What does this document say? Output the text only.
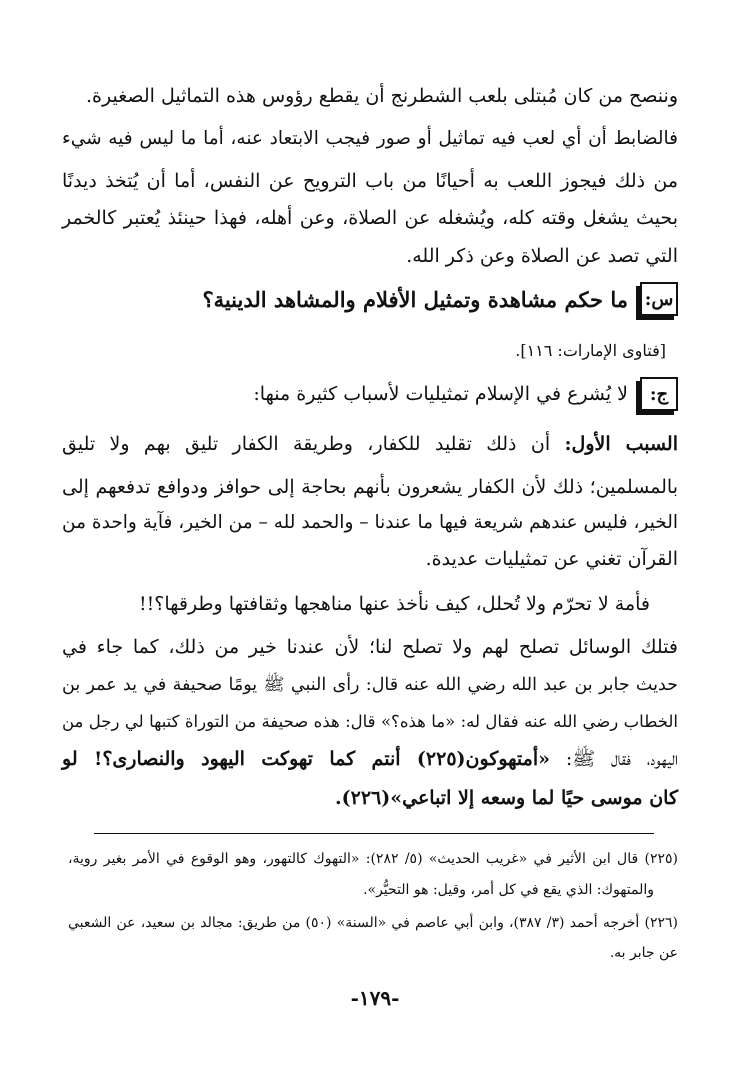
وننصح من كان مُبتلى بلعب الشطرنج أن يقطع رؤوس هذه التماثيل الصغيرة.
فالضابط أن أي لعب فيه تماثيل أو صور فيجب الابتعاد عنه، أما ما ليس فيه شيء
من ذلك فيجوز اللعب به أحيانًا من باب الترويح عن النفس، أما أن يُتخذ ديدنًا
بحيث يشغل وقته كله، ويُشغله عن الصلاة، وعن أهله، فهذا حينئذ يُعتبر كالخمر
التي تصد عن الصلاة وعن ذكر الله.
س:
ما حكم مشاهدة وتمثيل الأفلام والمشاهد الدينية؟
[فتاوى الإمارات: ١١٦].
ج:
لا يُشرع في الإسلام تمثيليات لأسباب كثيرة منها:
السبب الأول: أن ذلك تقليد للكفار، وطريقة الكفار تليق بهم ولا تليق
بالمسلمين؛ ذلك لأن الكفار يشعرون بأنهم بحاجة إلى حوافز ودوافع تدفعهم إلى
الخير، فليس عندهم شريعة فيها ما عندنا – والحمد لله – من الخير، فآية واحدة من
القرآن تغني عن تمثيليات عديدة.
فأمة لا تحرّم ولا تُحلل، كيف نأخذ عنها مناهجها وثقافتها وطرقها؟!!
فتلك الوسائل تصلح لهم ولا تصلح لنا؛ لأن عندنا خير من ذلك، كما جاء في
حديث جابر بن عبد الله رضي الله عنه قال: رأى النبي ﷺ يومًا صحيفة في يد عمر بن
الخطاب رضي الله عنه فقال له: «ما هذه؟» قال: هذه صحيفة من التوراة كتبها لي رجل من
اليهود، فقال ﷺ: «أمتهوكون(٢٢٥) أنتم كما تهوكت اليهود والنصارى؟! لو
كان موسى حيًا لما وسعه إلا اتباعي»(٢٢٦).
(٢٢٥) قال ابن الأثير في «غريب الحديث» (٥/ ٢٨٢): «التهوك كالتهور، وهو الوقوع في الأمر بغير روية،
والمتهوك: الذي يقع في كل أمر، وقيل: هو التحيُّر».
(٢٢٦) أخرجه أحمد (٣/ ٣٨٧)، وابن أبي عاصم في «السنة» (٥٠) من طريق: مجالد بن سعيد، عن الشعبي
عن جابر به.
-١٧٩-
